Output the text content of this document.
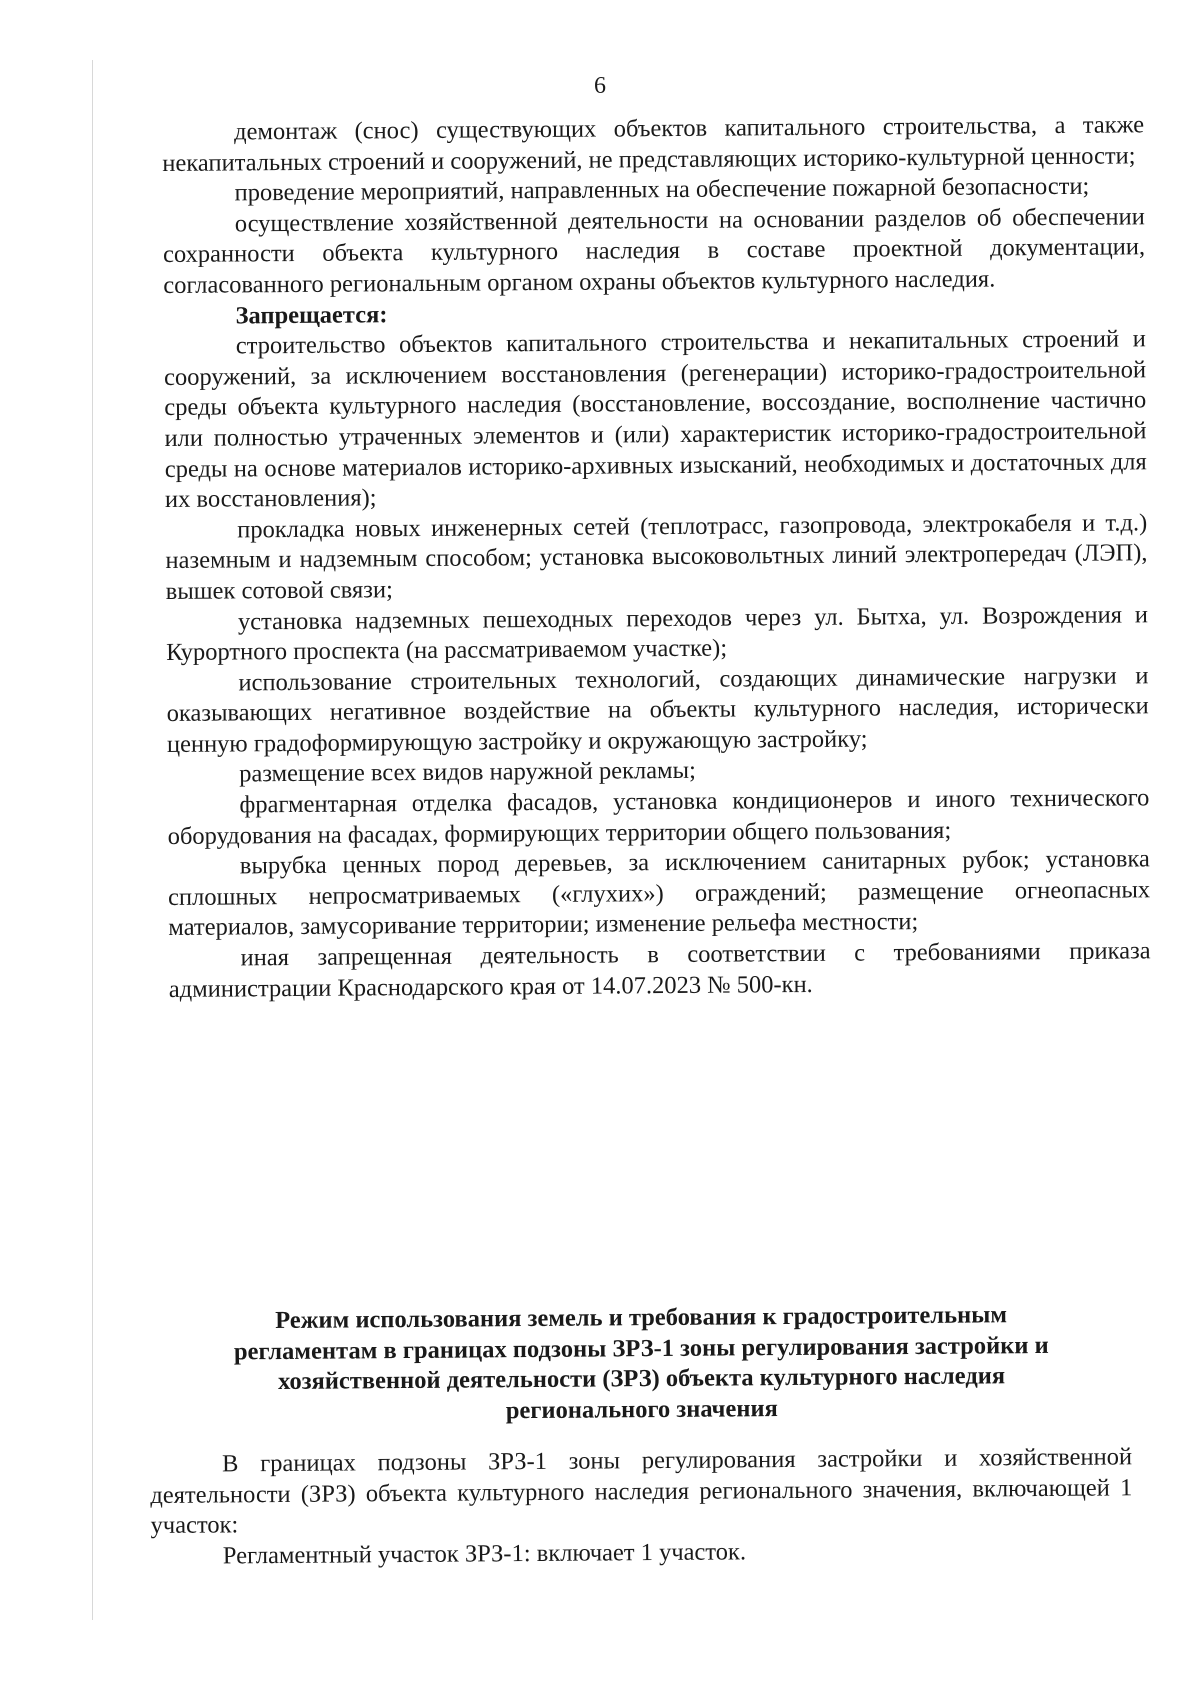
6

демонтаж (снос) существующих объектов капитального строительства, а также некапитальных строений и сооружений, не представляющих историко-культурной ценности;

проведение мероприятий, направленных на обеспечение пожарной безопасности;

осуществление хозяйственной деятельности на основании разделов об обеспечении сохранности объекта культурного наследия в составе проектной документации, согласованного региональным органом охраны объектов культурного наследия.

Запрещается:

строительство объектов капитального строительства и некапитальных строений и сооружений, за исключением восстановления (регенерации) историко-градостроительной среды объекта культурного наследия (восстановление, воссоздание, восполнение частично или полностью утраченных элементов и (или) характеристик историко-градостроительной среды на основе материалов историко-архивных изысканий, необходимых и достаточных для их восстановления);

прокладка новых инженерных сетей (теплотрасс, газопровода, электрокабеля и т.д.) наземным и надземным способом; установка высоковольтных линий электропередач (ЛЭП), вышек сотовой связи;

установка надземных пешеходных переходов через ул. Бытха, ул. Возрождения и Курортного проспекта (на рассматриваемом участке);

использование строительных технологий, создающих динамические нагрузки и оказывающих негативное воздействие на объекты культурного наследия, исторически ценную градоформирующую застройку и окружающую застройку;

размещение всех видов наружной рекламы;

фрагментарная отделка фасадов, установка кондиционеров и иного технического оборудования на фасадах, формирующих территории общего пользования;

вырубка ценных пород деревьев, за исключением санитарных рубок; установка сплошных непросматриваемых («глухих») ограждений; размещение огнеопасных материалов, замусоривание территории; изменение рельефа местности;

иная запрещенная деятельность в соответствии с требованиями приказа администрации Краснодарского края от 14.07.2023 № 500-кн.

Режим использования земель и требования к градостроительным

регламентам в границах подзоны ЗРЗ-1 зоны регулирования застройки и

хозяйственной деятельности (ЗРЗ) объекта культурного наследия

регионального значения

В границах подзоны ЗРЗ-1 зоны регулирования застройки и хозяйственной деятельности (ЗРЗ) объекта культурного наследия регионального значения, включающей 1 участок:

Регламентный участок ЗРЗ-1: включает 1 участок.
